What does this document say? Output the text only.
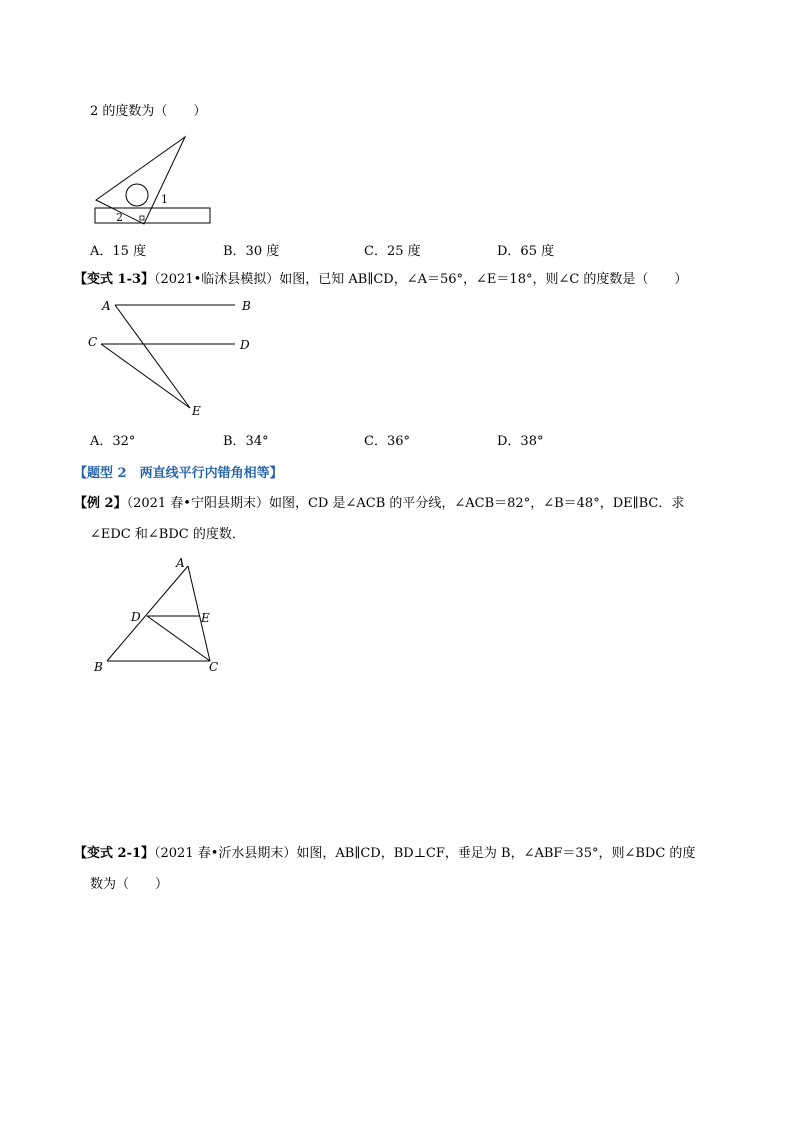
2 的度数为（　　）
1
2
A．15 度	B．30 度	C．25 度	D．65 度
【变式 1-3】（2021•临沭县模拟）如图，已知 AB∥CD，∠A＝56°，∠E＝18°，则∠C 的度数是（　　）
A	B
C	D
E
A．32°	B．34°	C．36°	D．38°
【题型 2　两直线平行内错角相等】
【例 2】（2021 春•宁阳县期末）如图，CD 是∠ACB 的平分线，∠ACB＝82°，∠B＝48°，DE∥BC．求
∠EDC 和∠BDC 的度数．
A
B	C
D	E
【变式 2-1】（2021 春•沂水县期末）如图，AB∥CD，BD⊥CF，垂足为 B，∠ABF＝35°，则∠BDC 的度
数为（　　）
